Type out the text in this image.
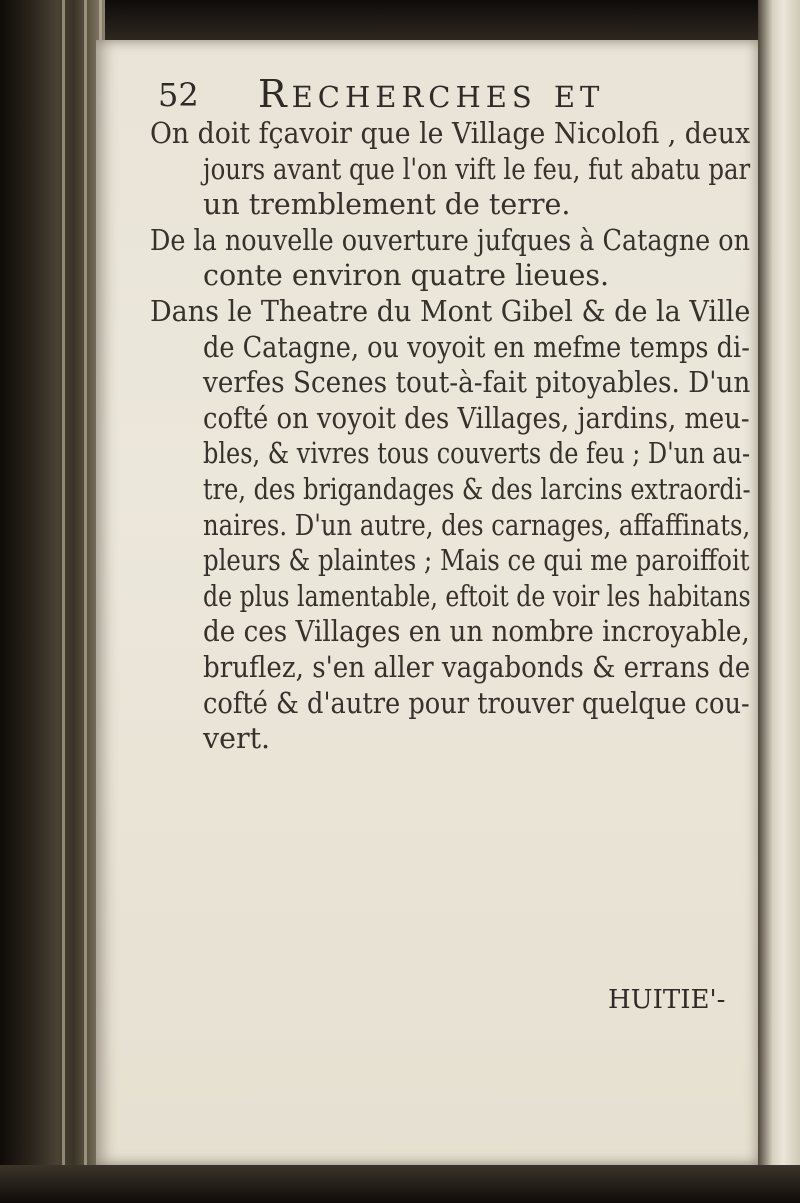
52 RECHERCHES ET
On doit fçavoir que le Village Nicolofi , deux
jours avant que l'on vift le feu, fut abatu par
un tremblement de terre.
De la nouvelle ouverture jufques à Catagne on
conte environ quatre lieues.
Dans le Theatre du Mont Gibel & de la Ville
de Catagne, ou voyoit en mefme temps di-
verfes Scenes tout-à-fait pitoyables. D'un
cofté on voyoit des Villages, jardins, meu-
bles, & vivres tous couverts de feu ; D'un au-
tre, des brigandages & des larcins extraordi-
naires. D'un autre, des carnages, affaffinats,
pleurs & plaintes ; Mais ce qui me paroiffoit
de plus lamentable, eftoit de voir les habitans
de ces Villages en un nombre incroyable,
bruflez, s'en aller vagabonds & errans de
cofté & d'autre pour trouver quelque cou-
vert.
HUITIE'-
